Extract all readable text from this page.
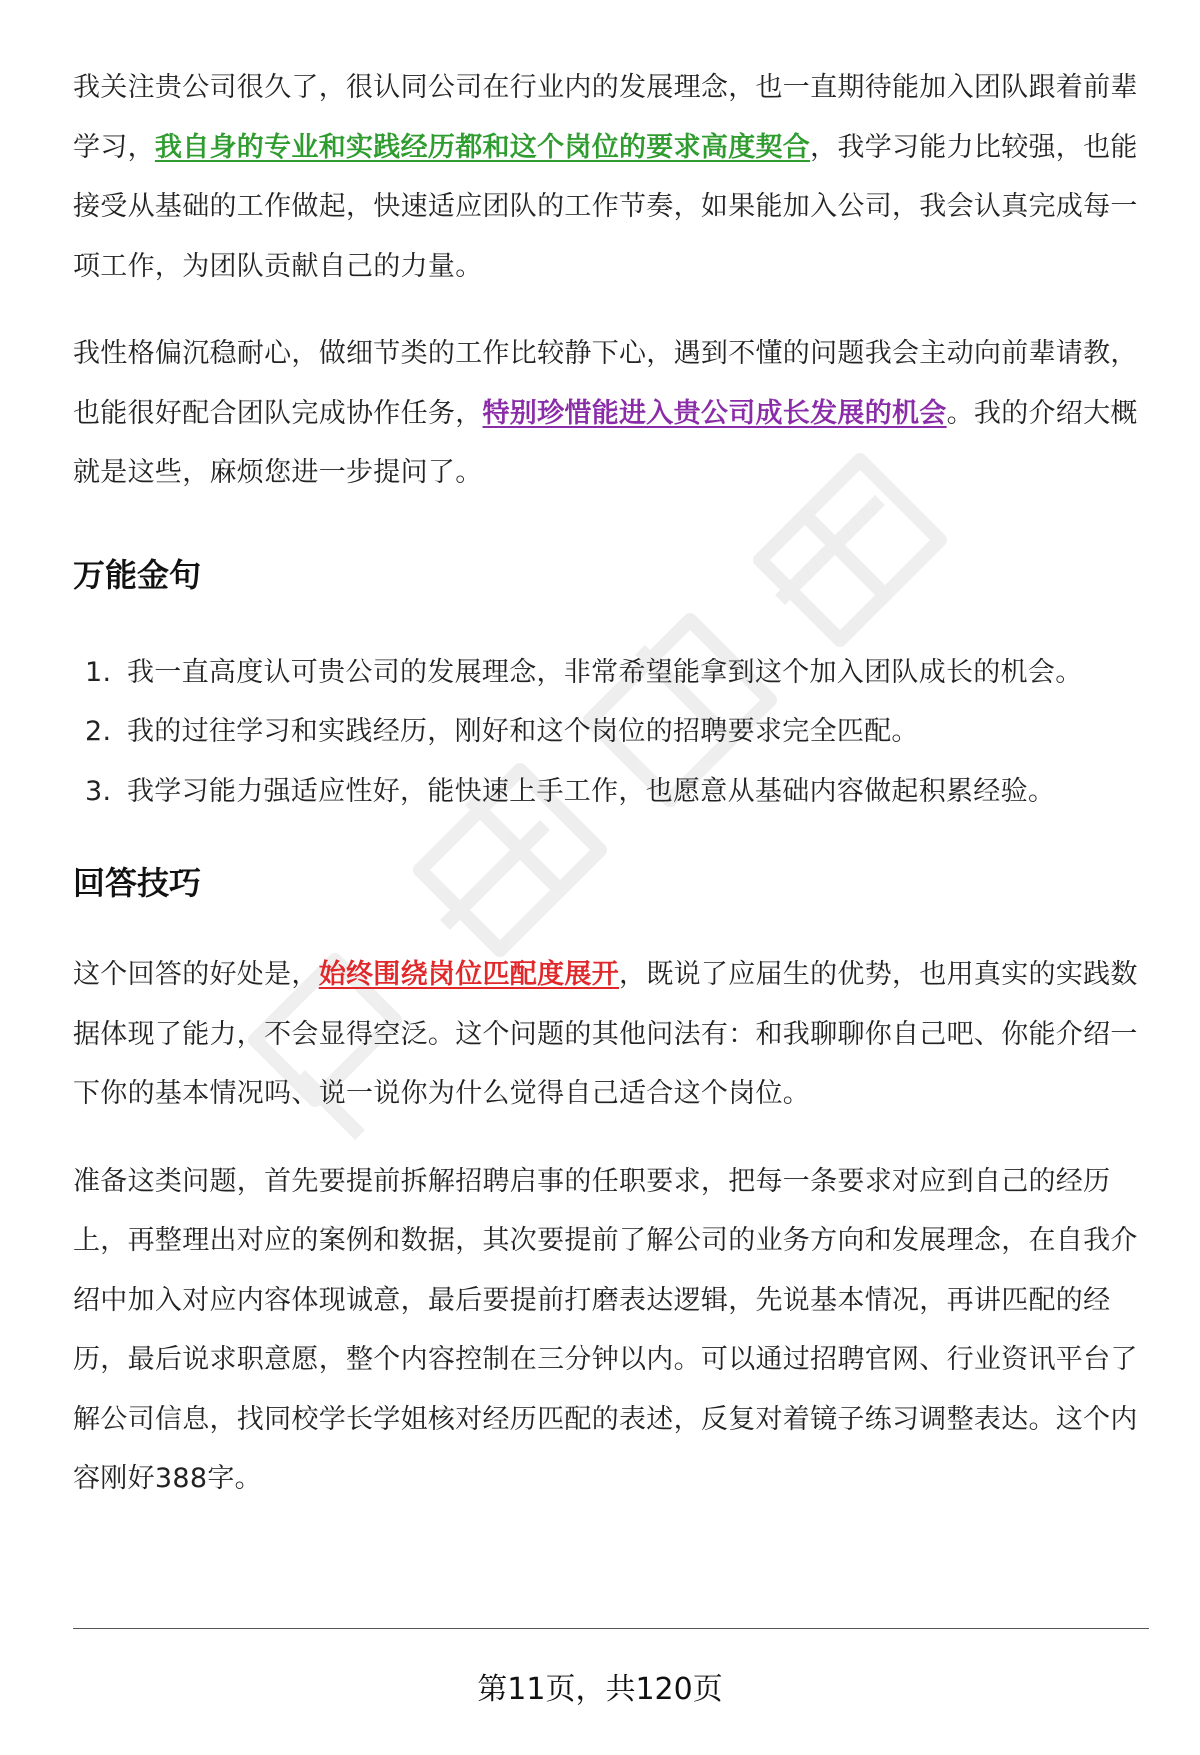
我关注贵公司很久了，很认同公司在行业内的发展理念，也一直期待能加入团队跟着前辈学习，我自身的专业和实践经历都和这个岗位的要求高度契合，我学习能力比较强，也能接受从基础的工作做起，快速适应团队的工作节奏，如果能加入公司，我会认真完成每一项工作，为团队贡献自己的力量。

我性格偏沉稳耐心，做细节类的工作比较静下心，遇到不懂的问题我会主动向前辈请教，也能很好配合团队完成协作任务，特别珍惜能进入贵公司成长发展的机会。我的介绍大概就是这些，麻烦您进一步提问了。

万能金句
1. 我一直高度认可贵公司的发展理念，非常希望能拿到这个加入团队成长的机会。
2. 我的过往学习和实践经历，刚好和这个岗位的招聘要求完全匹配。
3. 我学习能力强适应性好，能快速上手工作，也愿意从基础内容做起积累经验。
回答技巧

这个回答的好处是，始终围绕岗位匹配度展开，既说了应届生的优势，也用真实的实践数据体现了能力，不会显得空泛。这个问题的其他问法有：和我聊聊你自己吧、你能介绍一下你的基本情况吗、说一说你为什么觉得自己适合这个岗位。

准备这类问题，首先要提前拆解招聘启事的任职要求，把每一条要求对应到自己的经历上，再整理出对应的案例和数据，其次要提前了解公司的业务方向和发展理念，在自我介绍中加入对应内容体现诚意，最后要提前打磨表达逻辑，先说基本情况，再讲匹配的经历，最后说求职意愿，整个内容控制在三分钟以内。可以通过招聘官网、行业资讯平台了解公司信息，找同校学长学姐核对经历匹配的表述，反复对着镜子练习调整表达。这个内容刚好388字。

第11页，共120页
